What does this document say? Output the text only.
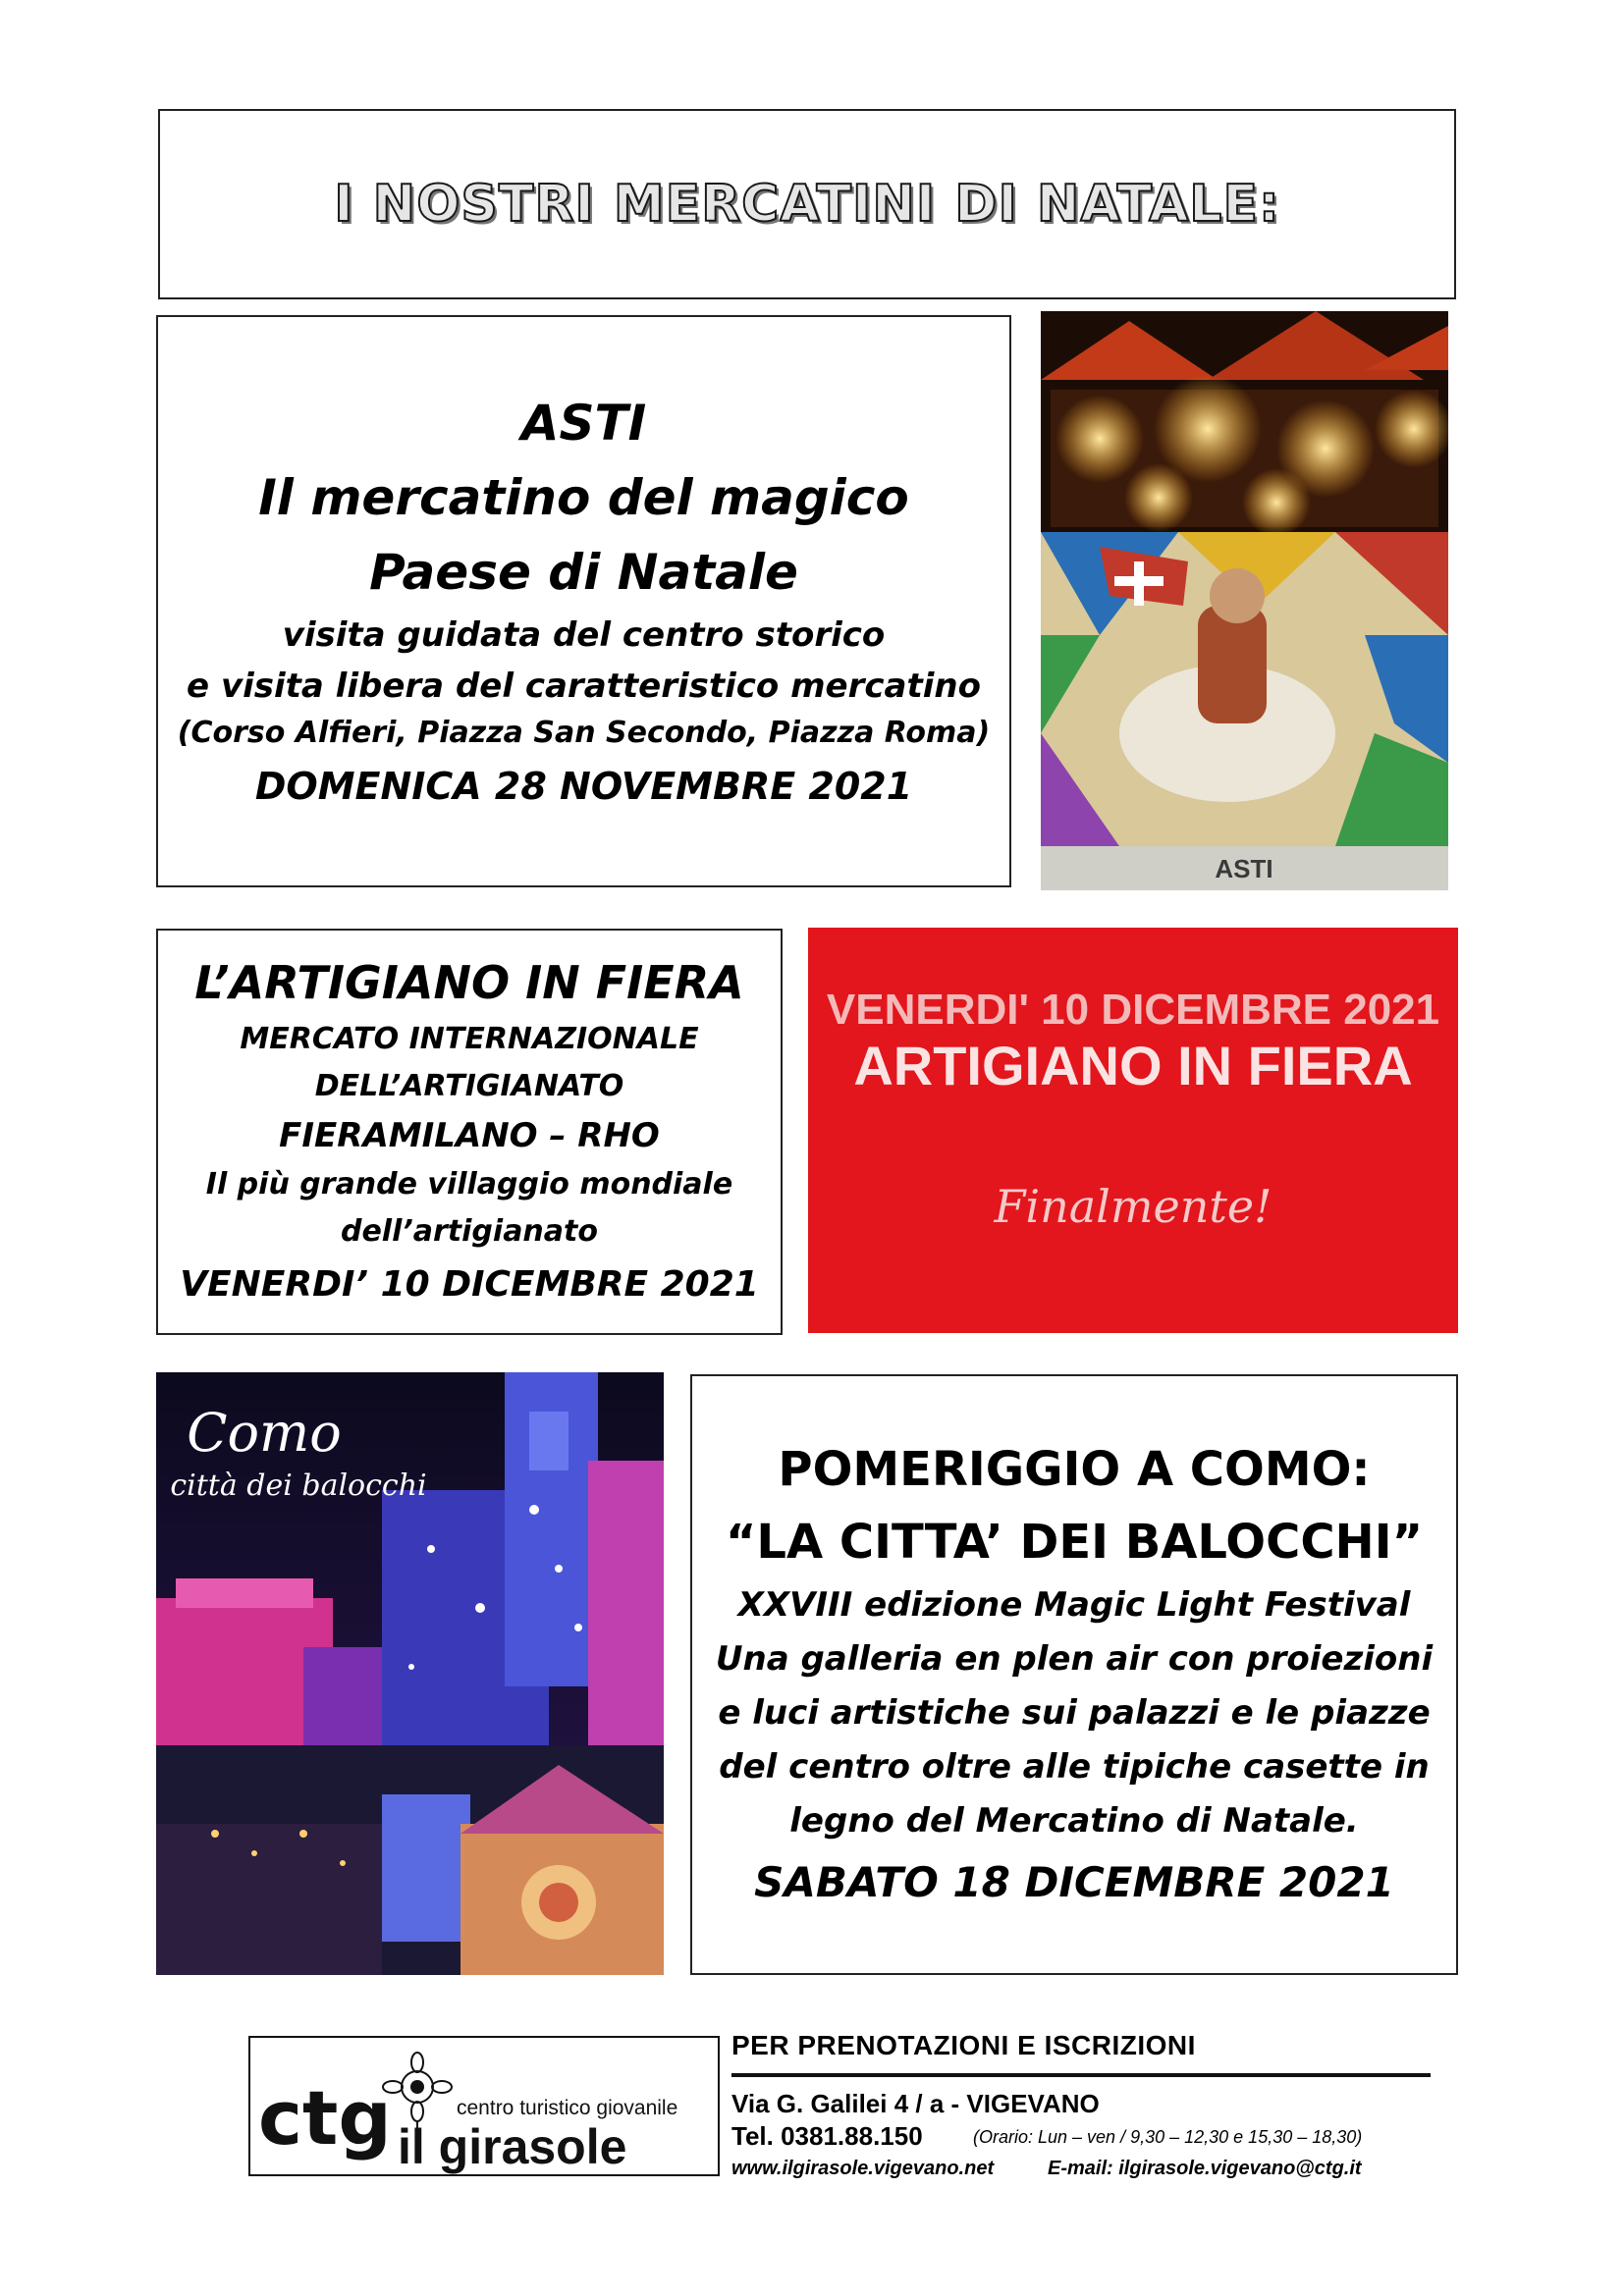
I NOSTRI MERCATINI DI NATALE:
ASTI
Il mercatino del magico
Paese di Natale
visita guidata del centro storico
e visita libera del caratteristico mercatino
(Corso Alfieri, Piazza San Secondo, Piazza Roma)
DOMENICA 28 NOVEMBRE 2021
ASTI
L’ARTIGIANO IN FIERA
MERCATO INTERNAZIONALE
DELL’ARTIGIANATO
FIERAMILANO – RHO
Il più grande villaggio mondiale
dell’artigianato
VENERDI’ 10 DICEMBRE 2021
VENERDI' 10 DICEMBRE 2021
ARTIGIANO IN FIERA
Finalmente!
Como
città dei balocchi	POMERIGGIO A COMO:
“LA CITTA’ DEI BALOCCHI”
XXVIII edizione Magic Light Festival
Una galleria en plen air con proiezioni
e luci artistiche sui palazzi e le piazze
del centro oltre alle tipiche casette in
legno del Mercatino di Natale.
SABATO 18 DICEMBRE 2021
ctg	centro turistico giovanile
il girasole
PER PRENOTAZIONI E ISCRIZIONI
Via G. Galilei 4 / a - VIGEVANO
Tel. 0381.88.150	(Orario: Lun – ven / 9,30 – 12,30 e 15,30 – 18,30)
www.ilgirasole.vigevano.net	E-mail: ilgirasole.vigevano@ctg.it
